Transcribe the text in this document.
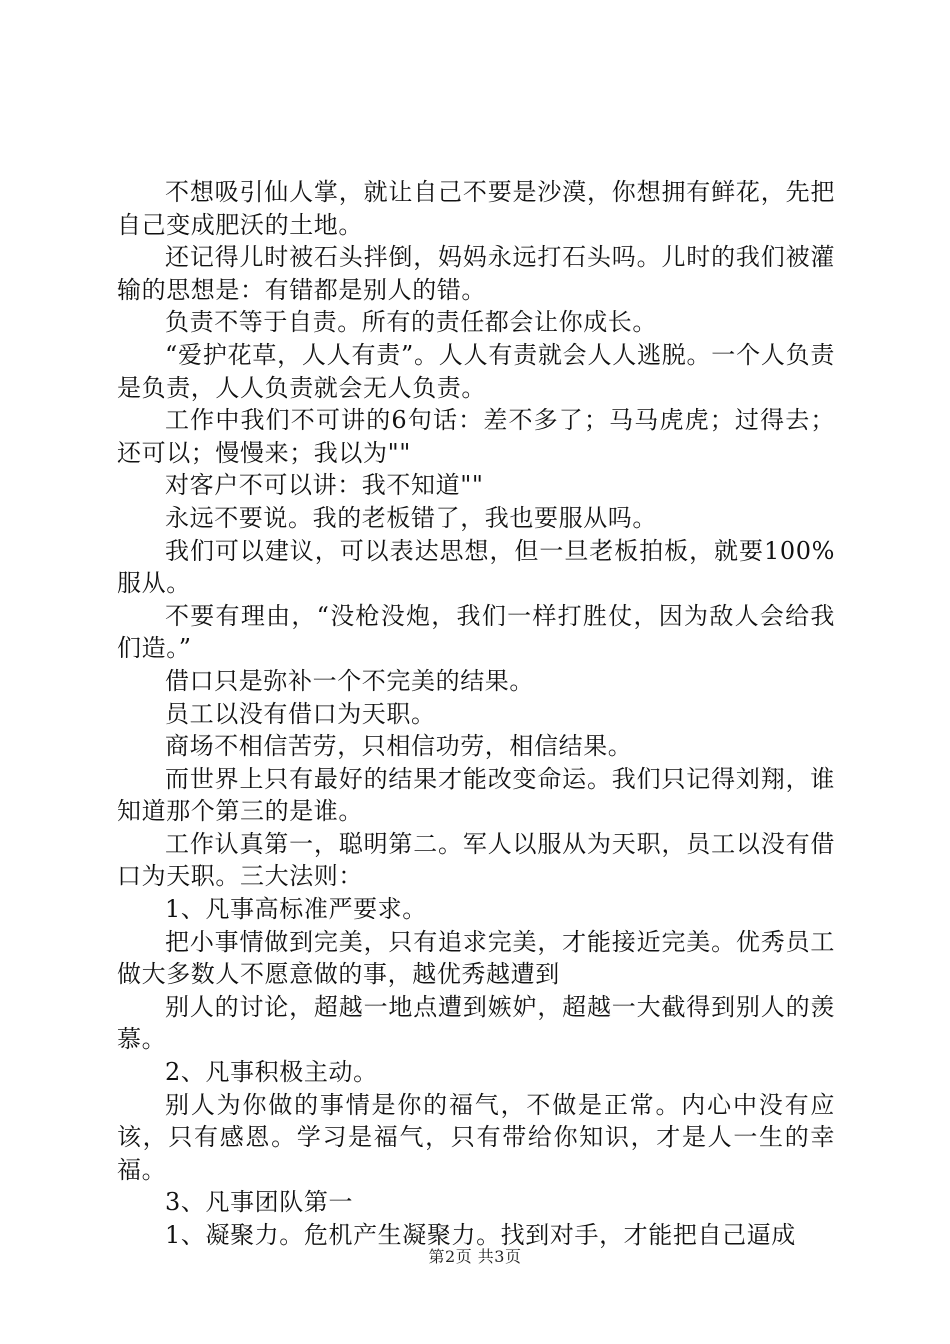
不想吸引仙人掌，就让自己不要是沙漠，你想拥有鲜花，先把自己变成肥沃的土地。

还记得儿时被石头拌倒，妈妈永远打石头吗。儿时的我们被灌输的思想是：有错都是别人的错。

负责不等于自责。所有的责任都会让你成长。

“爱护花草，人人有责”。人人有责就会人人逃脱。一个人负责是负责，人人负责就会无人负责。

工作中我们不可讲的6句话：差不多了；马马虎虎；过得去；还可以；慢慢来；我以为""

对客户不可以讲：我不知道""

永远不要说。我的老板错了，我也要服从吗。

我们可以建议，可以表达思想，但一旦老板拍板，就要100%服从。

不要有理由，“没枪没炮，我们一样打胜仗，因为敌人会给我们造。”

借口只是弥补一个不完美的结果。

员工以没有借口为天职。

商场不相信苦劳，只相信功劳，相信结果。

而世界上只有最好的结果才能改变命运。我们只记得刘翔，谁知道那个第三的是谁。

工作认真第一，聪明第二。军人以服从为天职，员工以没有借口为天职。三大法则：

1、凡事高标准严要求。

把小事情做到完美，只有追求完美，才能接近完美。优秀员工做大多数人不愿意做的事，越优秀越遭到

别人的讨论，超越一地点遭到嫉妒，超越一大截得到别人的羡慕。

2、凡事积极主动。

别人为你做的事情是你的福气，不做是正常。内心中没有应该，只有感恩。学习是福气，只有带给你知识，才是人一生的幸福。

3、凡事团队第一

1、凝聚力。危机产生凝聚力。找到对手，才能把自己逼成

第2页 共3页
